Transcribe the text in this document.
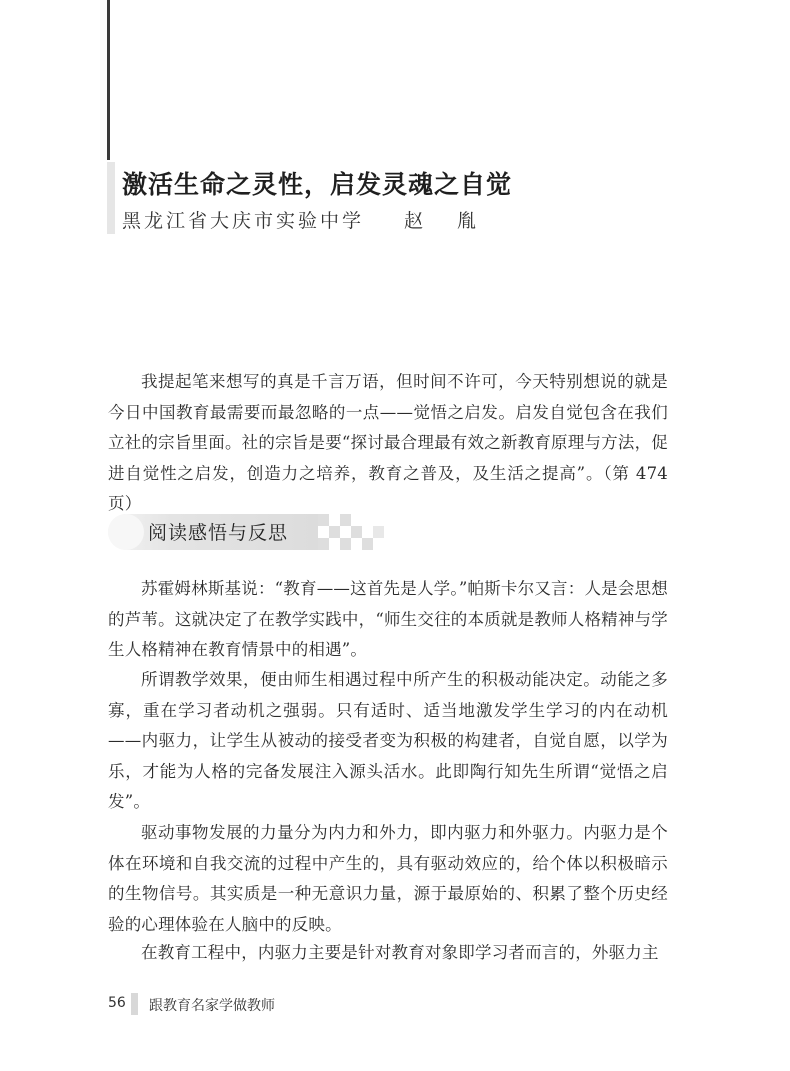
激活生命之灵性，启发灵魂之自觉
黑龙江省大庆市实验中学 赵 胤
我提起笔来想写的真是千言万语，但时间不许可，今天特别想说的就是今日中国教育最需要而最忽略的一点——觉悟之启发。启发自觉包含在我们立社的宗旨里面。社的宗旨是要“探讨最合理最有效之新教育原理与方法，促进自觉性之启发，创造力之培养，教育之普及，及生活之提高”。（第 474 页）
阅读感悟与反思
苏霍姆林斯基说：“教育——这首先是人学。”帕斯卡尔又言：人是会思想的芦苇。这就决定了在教学实践中，“师生交往的本质就是教师人格精神与学生人格精神在教育情景中的相遇”。
所谓教学效果，便由师生相遇过程中所产生的积极动能决定。动能之多寡，重在学习者动机之强弱。只有适时、适当地激发学生学习的内在动机——内驱力，让学生从被动的接受者变为积极的构建者，自觉自愿，以学为乐，才能为人格的完备发展注入源头活水。此即陶行知先生所谓“觉悟之启发”。
驱动事物发展的力量分为内力和外力，即内驱力和外驱力。内驱力是个体在环境和自我交流的过程中产生的，具有驱动效应的，给个体以积极暗示的生物信号。其实质是一种无意识力量，源于最原始的、积累了整个历史经验的心理体验在人脑中的反映。
在教育工程中，内驱力主要是针对教育对象即学习者而言的，外驱力主
56 跟教育名家学做教师
